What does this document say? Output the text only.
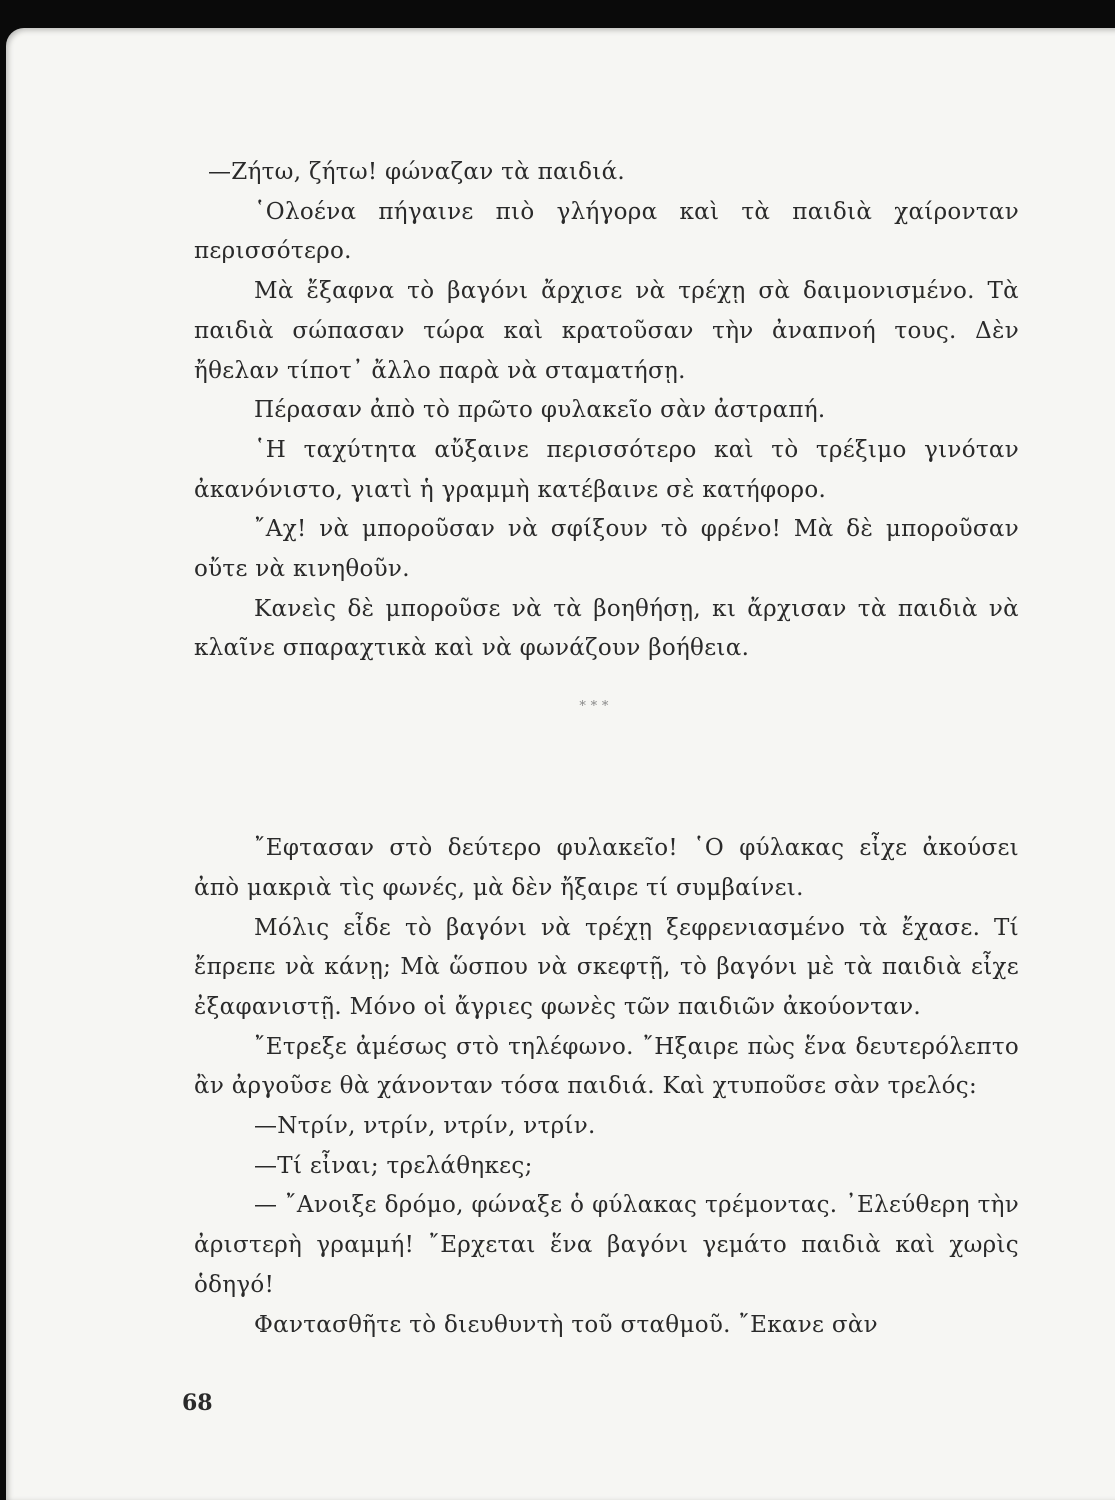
—Ζήτω, ζήτω! φώναζαν τὰ παιδιά.

῾Ολοένα πήγαινε πιὸ γλήγορα καὶ τὰ παιδιὰ χαίρονταν περισσότερο.

Μὰ ἔξαφνα τὸ βαγόνι ἄρχισε νὰ τρέχῃ σὰ δαιμονισμένο. Τὰ παιδιὰ σώπασαν τώρα καὶ κρατοῦσαν τὴν ἀναπνοή τους. Δὲν ἤθελαν τίποτ᾽ ἄλλο παρὰ νὰ σταματήσῃ.

Πέρασαν ἀπὸ τὸ πρῶτο φυλακεῖο σὰν ἀστραπή.

῾Η ταχύτητα αὔξαινε περισσότερο καὶ τὸ τρέξιμο γινόταν ἀκανόνιστο, γιατὶ ἡ γραμμὴ κατέβαινε σὲ κατήφορο.

῎Αχ! νὰ μποροῦσαν νὰ σφίξουν τὸ φρένο! Μὰ δὲ μποροῦσαν οὔτε νὰ κινηθοῦν.

Κανεὶς δὲ μποροῦσε νὰ τὰ βοηθήσῃ, κι ἄρχισαν τὰ παιδιὰ νὰ κλαῖνε σπαραχτικὰ καὶ νὰ φωνάζουν βοήθεια.

* * *

῎Εφτασαν στὸ δεύτερο φυλακεῖο! ῾Ο φύλακας εἶχε ἀκούσει ἀπὸ μακριὰ τὶς φωνές, μὰ δὲν ἤξαιρε τί συμβαίνει.

Μόλις εἶδε τὸ βαγόνι νὰ τρέχῃ ξεφρενιασμένο τὰ ἔχασε. Τί ἔπρεπε νὰ κάνῃ; Μὰ ὥσπου νὰ σκεφτῇ, τὸ βαγόνι μὲ τὰ παιδιὰ εἶχε ἐξαφανιστῇ. Μόνο οἱ ἄγριες φωνὲς τῶν παιδιῶν ἀκούονταν.

῎Ετρεξε ἀμέσως στὸ τηλέφωνο. ῎Ηξαιρε πὼς ἕνα δευτερόλεπτο ἂν ἀργοῦσε θὰ χάνονταν τόσα παιδιά. Καὶ χτυποῦσε σὰν τρελός:

—Ντρίν, ντρίν, ντρίν, ντρίν.

—Τί εἶναι; τρελάθηκες;

— ῎Ανοιξε δρόμο, φώναξε ὁ φύλακας τρέμοντας. ᾿Ελεύθερη τὴν ἀριστερὴ γραμμή! ῎Ερχεται ἕνα βαγόνι γεμάτο παιδιὰ καὶ χωρὶς ὁδηγό!

Φαντασθῆτε τὸ διευθυντὴ τοῦ σταθμοῦ. ῎Εκανε σὰν

68
